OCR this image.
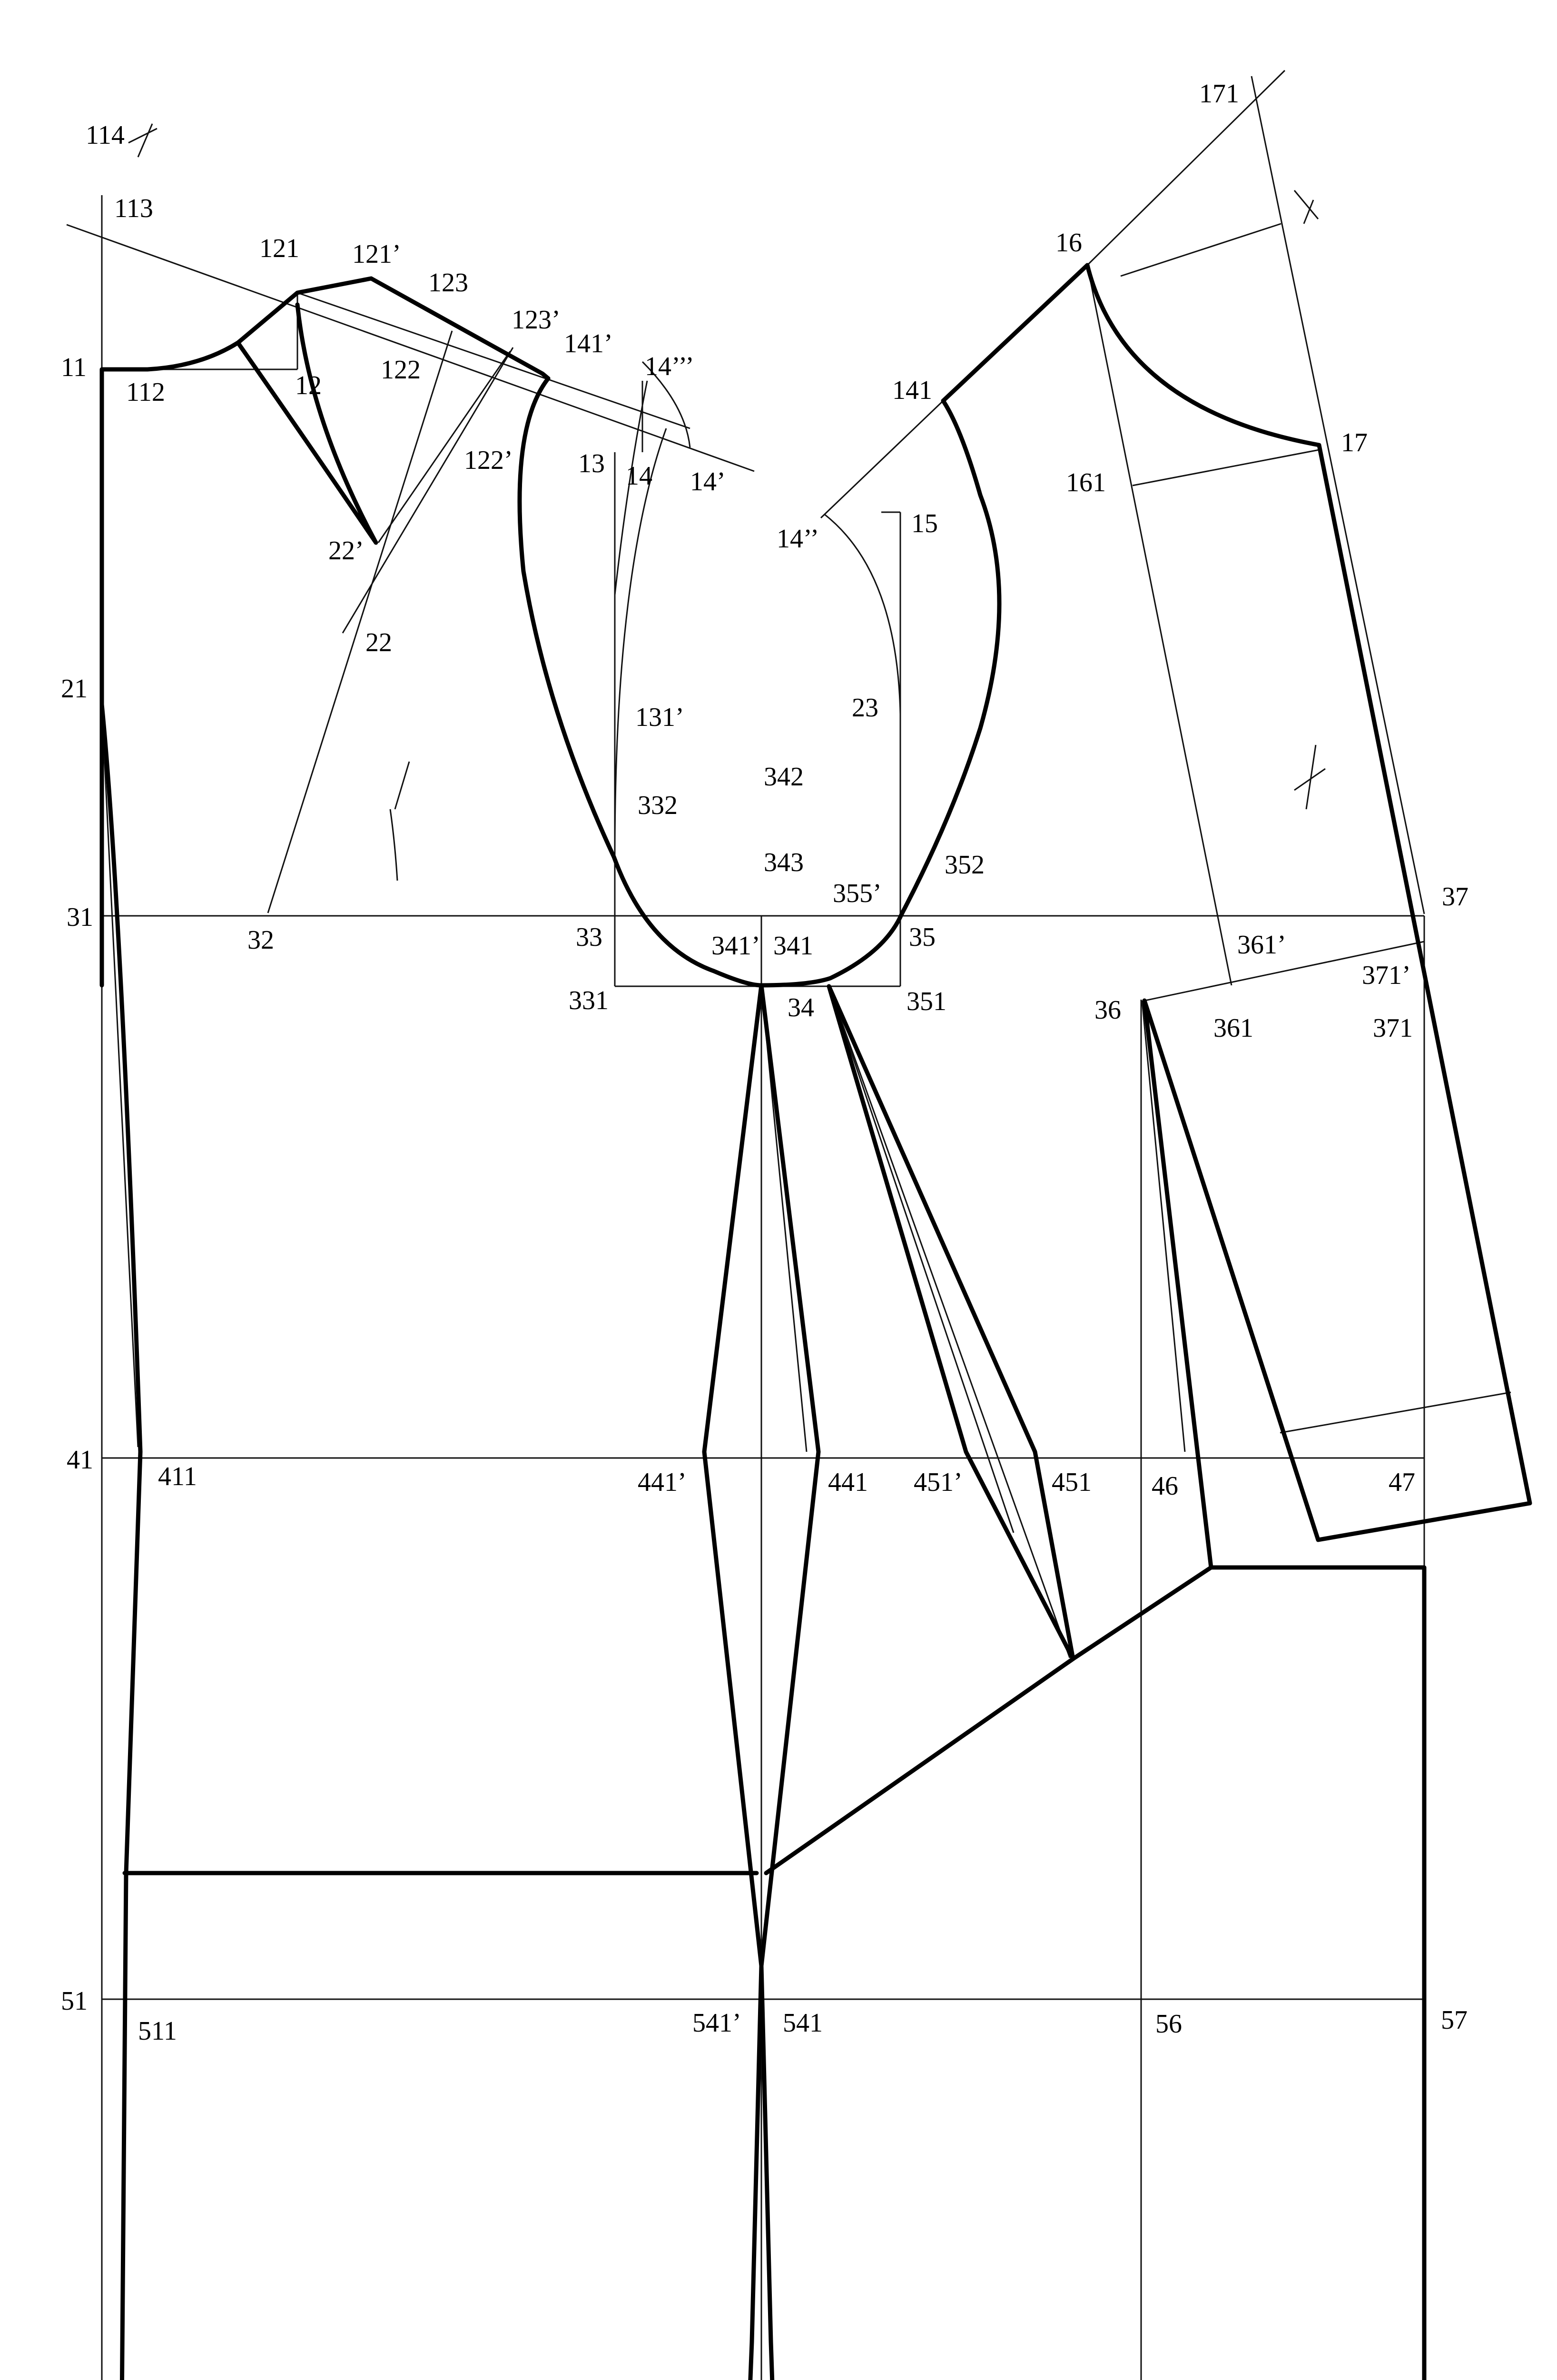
114
113
11
112
121 121’
12
123
122
123’
141’
14’’’
122’ 13 14 14’
22’
22
21
131’
332
342
343
355’
352
31
32	33	341’ 341	35
331	34	351
141
14’’
15
23
171
16
17
161
37
361’
371’
36
361	371
41
411	441’	441 451’	451 46	47
51
511	541’ 541	56	57
